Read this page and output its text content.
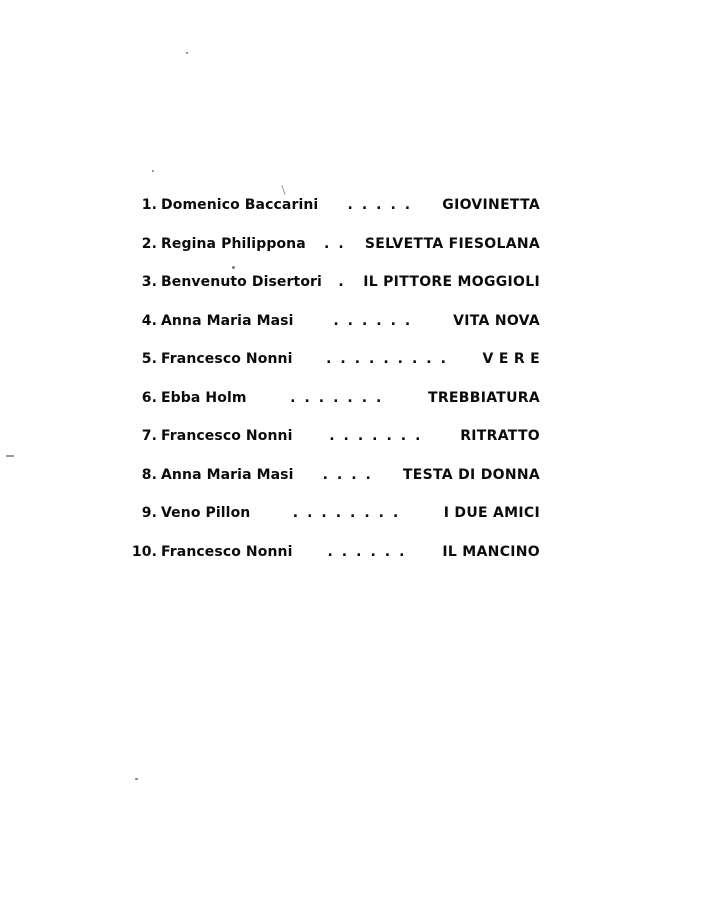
1. Domenico Baccarini	.....	GIOVINETTA
2. Regina Philippona	.. SELVETTA FIESOLANA
3. Benvenuto Disertori	. IL PITTORE MOGGIOLI
4. Anna Maria Masi	......	VITA NOVA
5. Francesco Nonni	.........	V E R E
6. Ebba Holm	.......	TREBBIATURA
7. Francesco Nonni	.......	RITRATTO
8. Anna Maria Masi	....	TESTA DI DONNA
9. Veno Pillon	........	I DUE AMICI
10. Francesco Nonni	......	IL MANCINO
